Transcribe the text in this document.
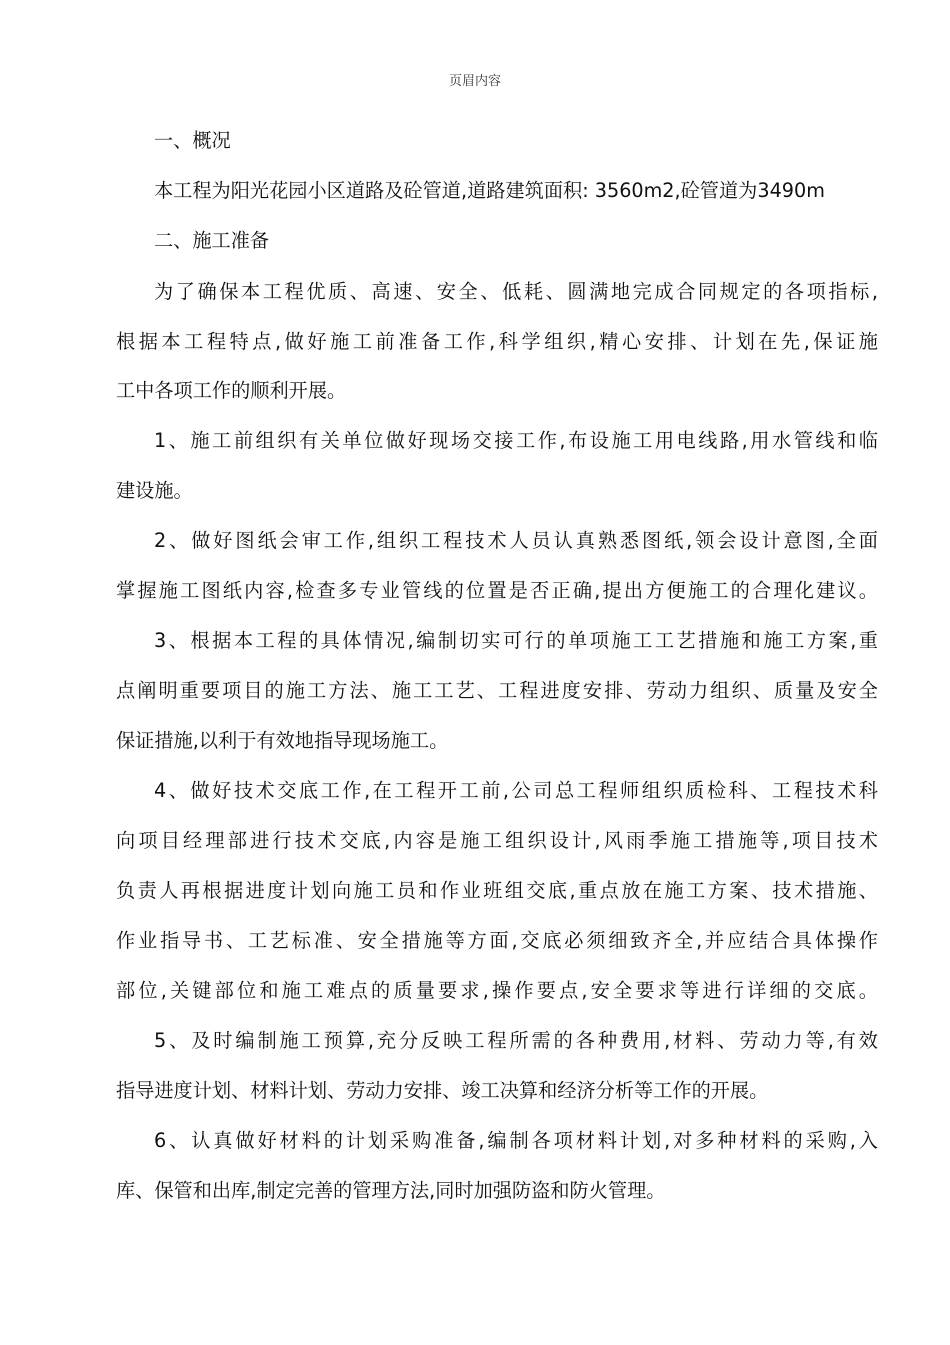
页眉内容
一、概况
本工程为阳光花园小区道路及砼管道,道路建筑面积: 3560m2,砼管道为3490m
二、施工准备
为了确保本工程优质、高速、安全、低耗、圆满地完成合同规定的各项指标,
根据本工程特点,做好施工前准备工作,科学组织,精心安排、计划在先,保证施
工中各项工作的顺利开展。
1、施工前组织有关单位做好现场交接工作,布设施工用电线路,用水管线和临
建设施。
2、做好图纸会审工作,组织工程技术人员认真熟悉图纸,领会设计意图,全面
掌握施工图纸内容,检查多专业管线的位置是否正确,提出方便施工的合理化建议。
3、根据本工程的具体情况,编制切实可行的单项施工工艺措施和施工方案,重
点阐明重要项目的施工方法、施工工艺、工程进度安排、劳动力组织、质量及安全
保证措施,以利于有效地指导现场施工。
4、做好技术交底工作,在工程开工前,公司总工程师组织质检科、工程技术科
向项目经理部进行技术交底,内容是施工组织设计,风雨季施工措施等,项目技术
负责人再根据进度计划向施工员和作业班组交底,重点放在施工方案、技术措施、
作业指导书、工艺标准、安全措施等方面,交底必须细致齐全,并应结合具体操作
部位,关键部位和施工难点的质量要求,操作要点,安全要求等进行详细的交底。
5、及时编制施工预算,充分反映工程所需的各种费用,材料、劳动力等,有效
指导进度计划、材料计划、劳动力安排、竣工决算和经济分析等工作的开展。
6、认真做好材料的计划采购准备,编制各项材料计划,对多种材料的采购,入
库、保管和出库,制定完善的管理方法,同时加强防盗和防火管理。
